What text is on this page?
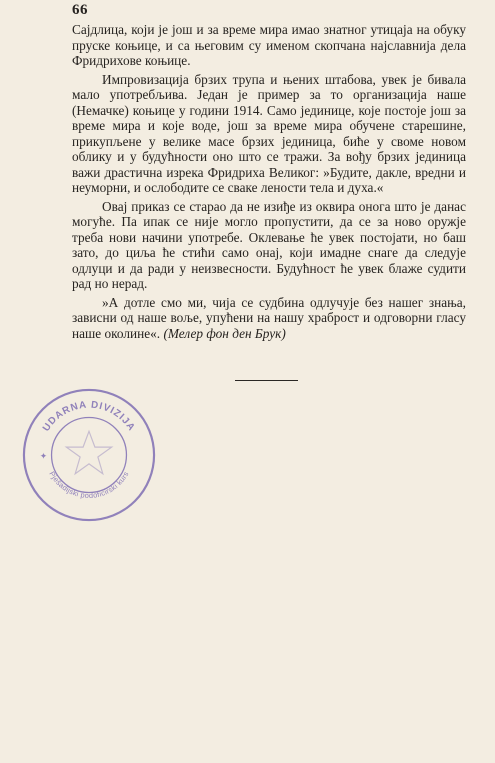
66

Сајдлица, који је још и за време мира имао знатног утицаја на обуку пруске коњице, и са његовим су именом скопчана најславнија дела Фридрихове коњице.

Импровизација брзих трупа и њених штабова, увек је бивала мало употребљива. Један је пример за то организација наше (Немачке) коњице у години 1914. Само јединице, које постоје још за време мира и које воде, још за време мира обучене старешине, прикупљене у велике масе брзих јединица, биће у своме новом облику и у будућности оно што се тражи. За вођу брзих јединица важи драстична изрека Фридриха Великог: »Будите, дакле, вредни и неуморни, и ослободите се сваке лености тела и духа.«

Овај приказ се старао да не изиђе из оквира онога што је данас могуће. Па ипак се није могло пропустити, да се за ново оружје треба нови начини употребе. Оклевање ће увек постојати, но баш зато, до циља ће стићи само онај, који имадне снаге да следује одлуци и да ради у неизвесности. Будућност ће увек блаже судити рад но нерад.

»А дотле смо ми, чија се судбина одлучује без нашег знања, зависни од наше воље, упућени на нашу храброст и одговорни гласу наше околине«. (Мелер фон ден Брук)

UDARNA DIVIZIJA
Pješadijski podoficirski kurs
✦
